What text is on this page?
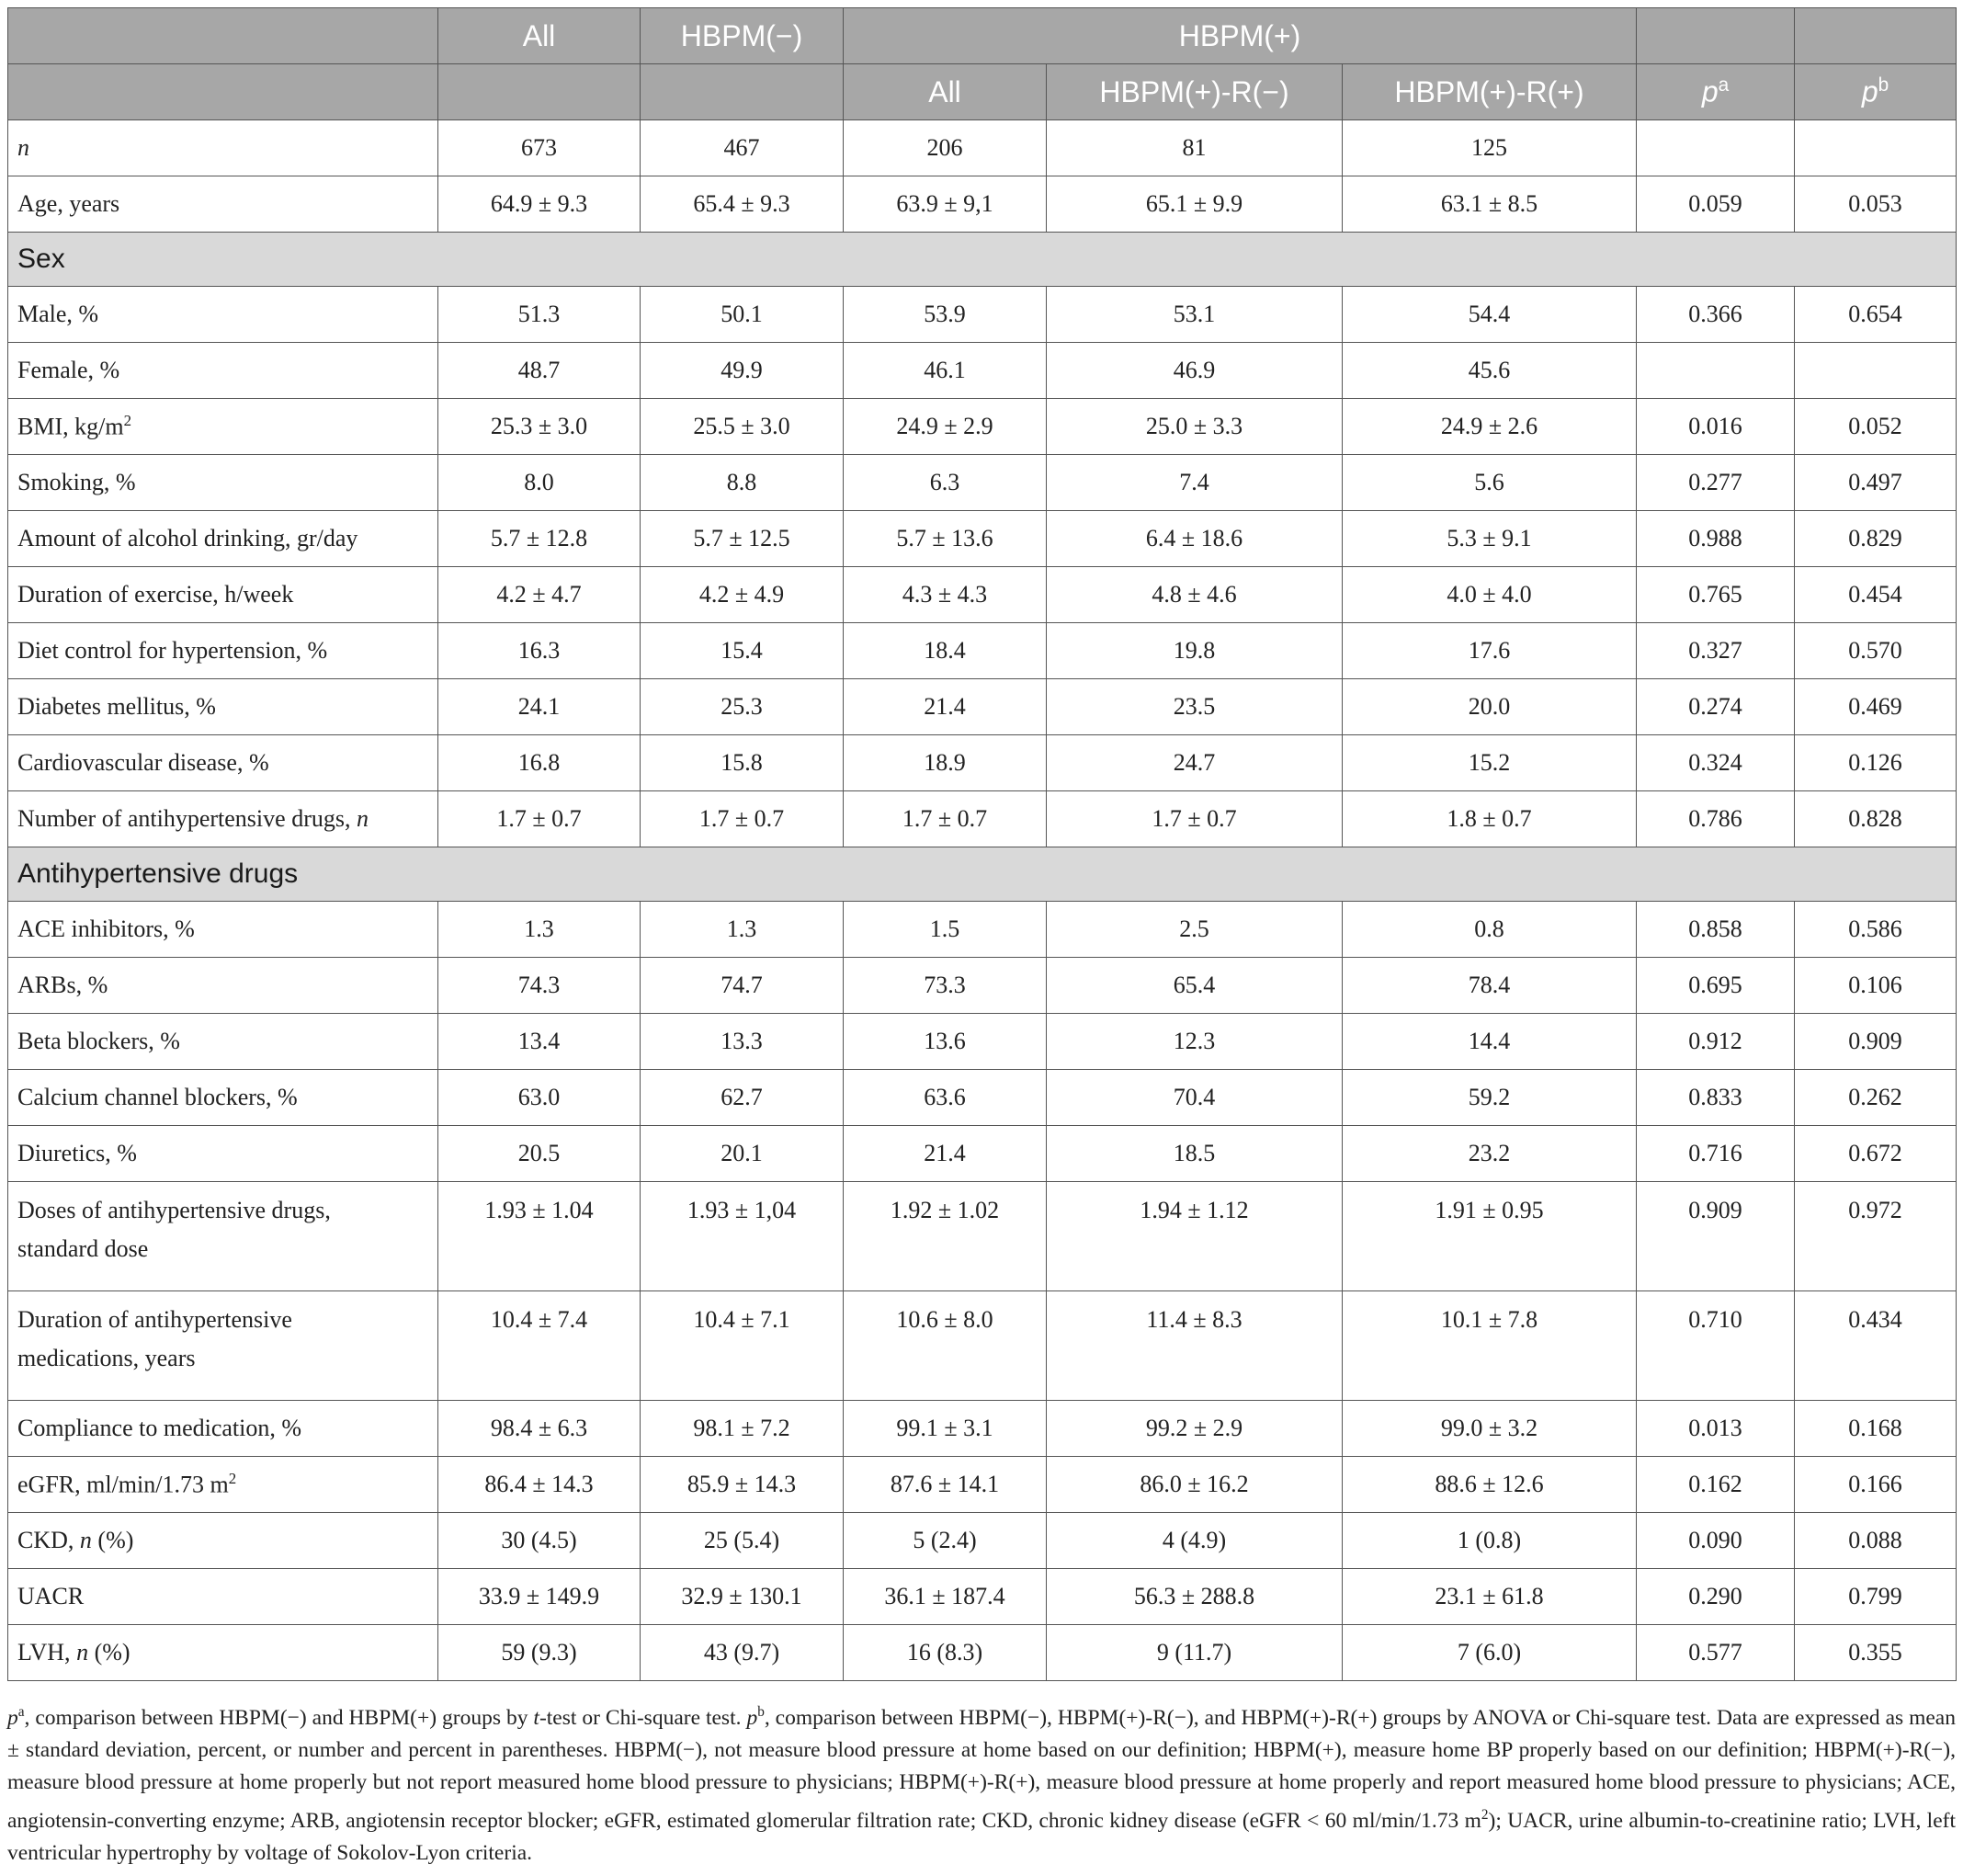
	All	HBPM(−)	HBPM(+)				
			All	HBPM(+)-R(−)	HBPM(+)-R(+)	$p^a$	$p^b$
n	673	467	206	81	125		
Age, years	64.9 ± 9.3	65.4 ± 9.3	63.9 ± 9,1	65.1 ± 9.9	63.1 ± 8.5	0.059	0.053
Sex							
Male, %	51.3	50.1	53.9	53.1	54.4	0.366	0.654
Female, %	48.7	49.9	46.1	46.9	45.6		
BMI, $kg/m^2$	25.3 ± 3.0	25.5 ± 3.0	24.9 ± 2.9	25.0 ± 3.3	24.9 ± 2.6	0.016	0.052
Smoking, %	8.0	8.8	6.3	7.4	5.6	0.277	0.497
Amount of alcohol drinking, gr/day	5.7 ± 12.8	5.7 ± 12.5	5.7 ± 13.6	6.4 ± 18.6	5.3 ± 9.1	0.988	0.829
Duration of exercise, h/week	4.2 ± 4.7	4.2 ± 4.9	4.3 ± 4.3	4.8 ± 4.6	4.0 ± 4.0	0.765	0.454
Diet control for hypertension, %	16.3	15.4	18.4	19.8	17.6	0.327	0.570
Diabetes mellitus, %	24.1	25.3	21.4	23.5	20.0	0.274	0.469
Cardiovascular disease, %	16.8	15.8	18.9	24.7	15.2	0.324	0.126
Number of antihypertensive drugs, n	1.7 ± 0.7	1.7 ± 0.7	1.7 ± 0.7	1.7 ± 0.7	1.8 ± 0.7	0.786	0.828
Antihypertensive drugs							
ACE inhibitors, %	1.3	1.3	1.5	2.5	0.8	0.858	0.586
ARBs, %	74.3	74.7	73.3	65.4	78.4	0.695	0.106
Beta blockers, %	13.4	13.3	13.6	12.3	14.4	0.912	0.909
Calcium channel blockers, %	63.0	62.7	63.6	70.4	59.2	0.833	0.262
Diuretics, %	20.5	20.1	21.4	18.5	23.2	0.716	0.672
Doses of antihypertensive drugs,
standard dose	1.93 ± 1.04	1.93 ± 1,04	1.92 ± 1.02	1.94 ± 1.12	1.91 ± 0.95	0.909	0.972
Duration of antihypertensive
medications, years	10.4 ± 7.4	10.4 ± 7.1	10.6 ± 8.0	11.4 ± 8.3	10.1 ± 7.8	0.710	0.434
Compliance to medication, %	98.4 ± 6.3	98.1 ± 7.2	99.1 ± 3.1	99.2 ± 2.9	99.0 ± 3.2	0.013	0.168
eGFR, ml/min/1.73 $m^2$	86.4 ± 14.3	85.9 ± 14.3	87.6 ± 14.1	86.0 ± 16.2	88.6 ± 12.6	0.162	0.166
CKD, n (%)	30 (4.5)	25 (5.4)	5 (2.4)	4 (4.9)	1 (0.8)	0.090	0.088
UACR	33.9 ± 149.9	32.9 ± 130.1	36.1 ± 187.4	56.3 ± 288.8	23.1 ± 61.8	0.290	0.799
LVH, n (%)	59 (9.3)	43 (9.7)	16 (8.3)	9 (11.7)	7 (6.0)	0.577	0.355
$p^a$, comparison between HBPM(−) and HBPM(+) groups by t-test or Chi-square test. $p^b$, comparison between HBPM(−), HBPM(+)-R(−), and HBPM(+)-R(+) groups by ANOVA or Chi-square test. Data are expressed as mean ± standard deviation, percent, or number and percent in parentheses. HBPM(−), not measure blood pressure at home based on our definition; HBPM(+), measure home BP properly based on our definition; HBPM(+)-R(−), measure blood pressure at home properly but not report measured home blood pressure to physicians; HBPM(+)-R(+), measure blood pressure at home properly and report measured home blood pressure to physicians; ACE, angiotensin-converting enzyme; ARB, angiotensin receptor blocker; eGFR, estimated glomerular filtration rate; CKD, chronic kidney disease (eGFR < 60 ml/min/1.73 $m^2$); UACR, urine albumin-to-creatinine ratio; LVH, left ventricular hypertrophy by voltage of Sokolov-Lyon criteria.
